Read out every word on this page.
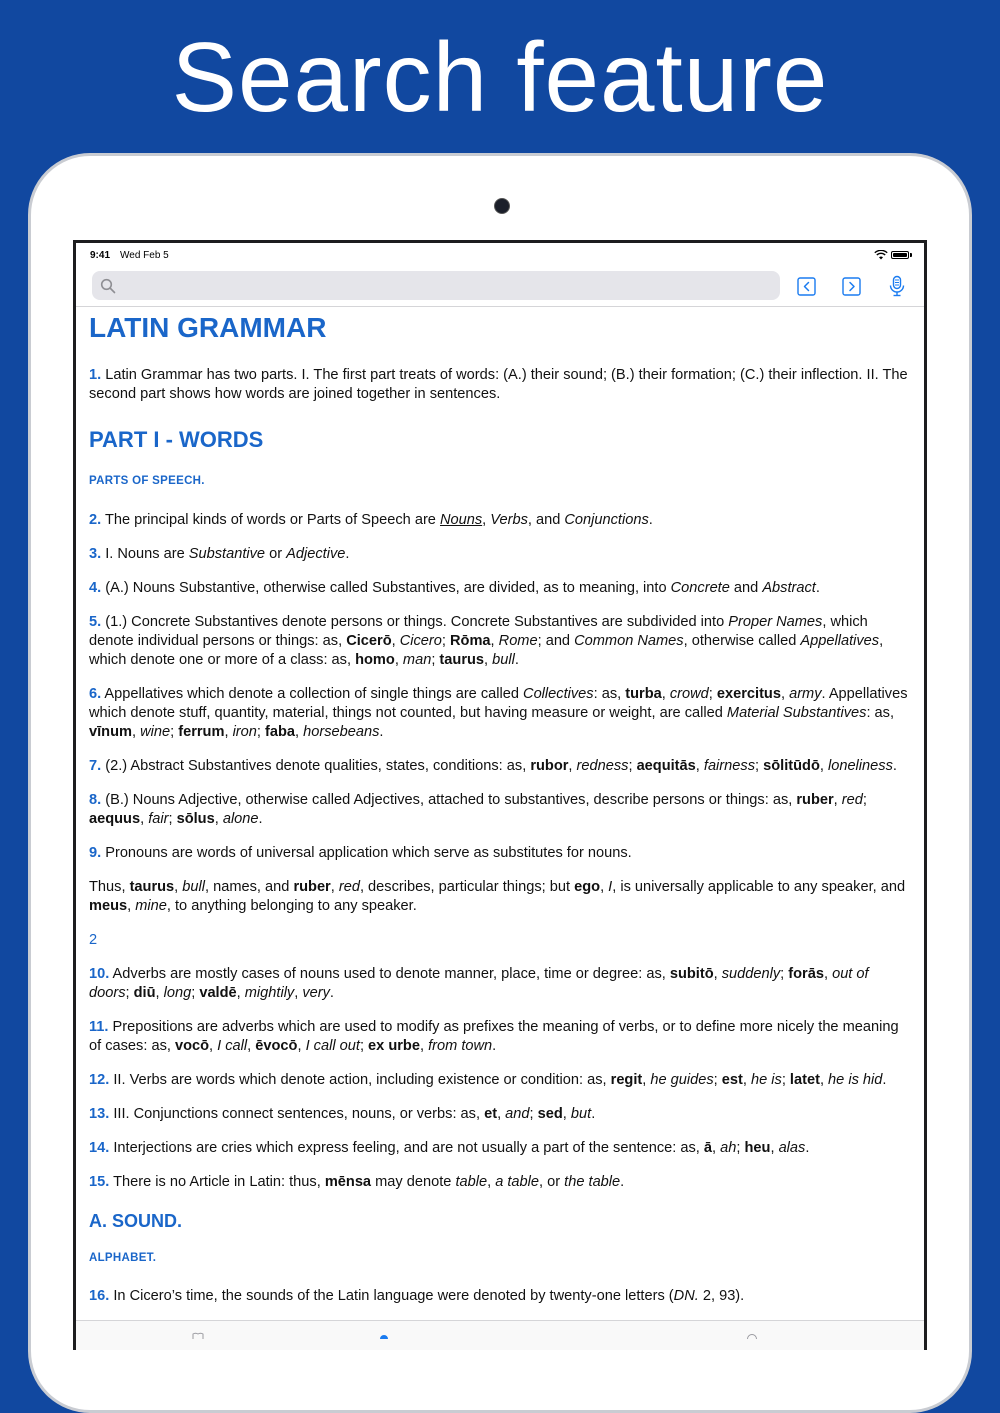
Search feature
9:41 Wed Feb 5
LATIN GRAMMAR

1. Latin Grammar has two parts. I. The first part treats of words: (A.) their sound; (B.) their formation; (C.) their inflection. II. The second part shows how words are joined together in sentences.

PART I - WORDS
PARTS OF SPEECH.

2. The principal kinds of words or Parts of Speech are Nouns, Verbs, and Conjunctions.

3. I. Nouns are Substantive or Adjective.

4. (A.) Nouns Substantive, otherwise called Substantives, are divided, as to meaning, into Concrete and Abstract.

5. (1.) Concrete Substantives denote persons or things. Concrete Substantives are subdivided into Proper Names, which denote individual persons or things: as, Cicerō, Cicero; Rōma, Rome; and Common Names, otherwise called Appellatives, which denote one or more of a class: as, homo, man; taurus, bull.

6. Appellatives which denote a collection of single things are called Collectives: as, turba, crowd; exercitus, army. Appellatives which denote stuff, quantity, material, things not counted, but having measure or weight, are called Material Substantives: as, vīnum, wine; ferrum, iron; faba, horsebeans.

7. (2.) Abstract Substantives denote qualities, states, conditions: as, rubor, redness; aequitās, fairness; sōlitūdō, loneliness.

8. (B.) Nouns Adjective, otherwise called Adjectives, attached to substantives, describe persons or things: as, ruber, red; aequus, fair; sōlus, alone.

9. Pronouns are words of universal application which serve as substitutes for nouns.

Thus, taurus, bull, names, and ruber, red, describes, particular things; but ego, I, is universally applicable to any speaker, and meus, mine, to anything belonging to any speaker.

2

10. Adverbs are mostly cases of nouns used to denote manner, place, time or degree: as, subitō, suddenly; forās, out of doors; diū, long; valdē, mightily, very.

11. Prepositions are adverbs which are used to modify as prefixes the meaning of verbs, or to define more nicely the meaning of cases: as, vocō, I call, ēvocō, I call out; ex urbe, from town.

12. II. Verbs are words which denote action, including existence or condition: as, regit, he guides; est, he is; latet, he is hid.

13. III. Conjunctions connect sentences, nouns, or verbs: as, et, and; sed, but.

14. Interjections are cries which express feeling, and are not usually a part of the sentence: as, ā, ah; heu, alas.

15. There is no Article in Latin: thus, mēnsa may denote table, a table, or the table.

A. SOUND.
ALPHABET.

16. In Cicero’s time, the sounds of the Latin language were denoted by twenty-one letters (DN. 2, 93).
